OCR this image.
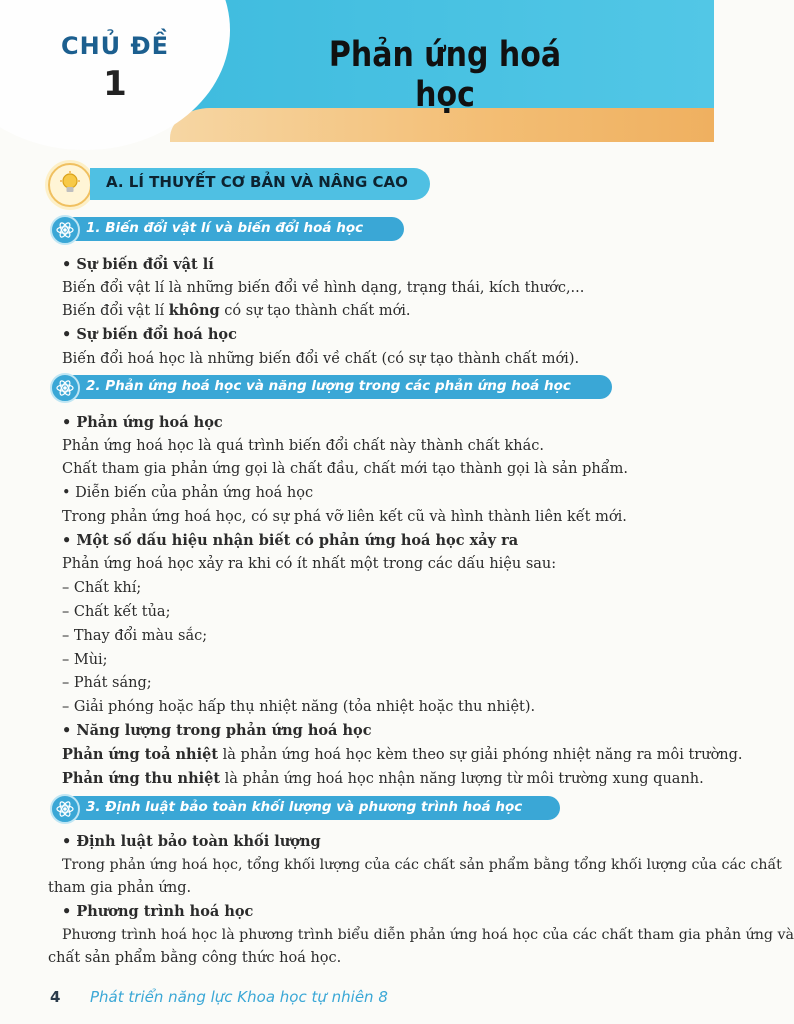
CHỦ ĐỀ
1
Phản ứng hoá học
A. LÍ THUYẾT CƠ BẢN VÀ NÂNG CAO
1. Biến đổi vật lí và biến đổi hoá học
• Sự biến đổi vật lí
Biến đổi vật lí là những biến đổi về hình dạng, trạng thái, kích thước,...
Biến đổi vật lí không có sự tạo thành chất mới.
• Sự biến đổi hoá học
Biến đổi hoá học là những biến đổi về chất (có sự tạo thành chất mới).
2. Phản ứng hoá học và năng lượng trong các phản ứng hoá học
• Phản ứng hoá học
Phản ứng hoá học là quá trình biến đổi chất này thành chất khác.
Chất tham gia phản ứng gọi là chất đầu, chất mới tạo thành gọi là sản phẩm.
• Diễn biến của phản ứng hoá học
Trong phản ứng hoá học, có sự phá vỡ liên kết cũ và hình thành liên kết mới.
• Một số dấu hiệu nhận biết có phản ứng hoá học xảy ra
Phản ứng hoá học xảy ra khi có ít nhất một trong các dấu hiệu sau:
– Chất khí;
– Chất kết tủa;
– Thay đổi màu sắc;
– Mùi;
– Phát sáng;
– Giải phóng hoặc hấp thụ nhiệt năng (tỏa nhiệt hoặc thu nhiệt).
• Năng lượng trong phản ứng hoá học
Phản ứng toả nhiệt là phản ứng hoá học kèm theo sự giải phóng nhiệt năng ra môi trường.
Phản ứng thu nhiệt là phản ứng hoá học nhận năng lượng từ môi trường xung quanh.
3. Định luật bảo toàn khối lượng và phương trình hoá học
• Định luật bảo toàn khối lượng
Trong phản ứng hoá học, tổng khối lượng của các chất sản phẩm bằng tổng khối lượng của các chất
tham gia phản ứng.
• Phương trình hoá học
Phương trình hoá học là phương trình biểu diễn phản ứng hoá học của các chất tham gia phản ứng và
chất sản phẩm bằng công thức hoá học.
4 Phát triển năng lực Khoa học tự nhiên 8
